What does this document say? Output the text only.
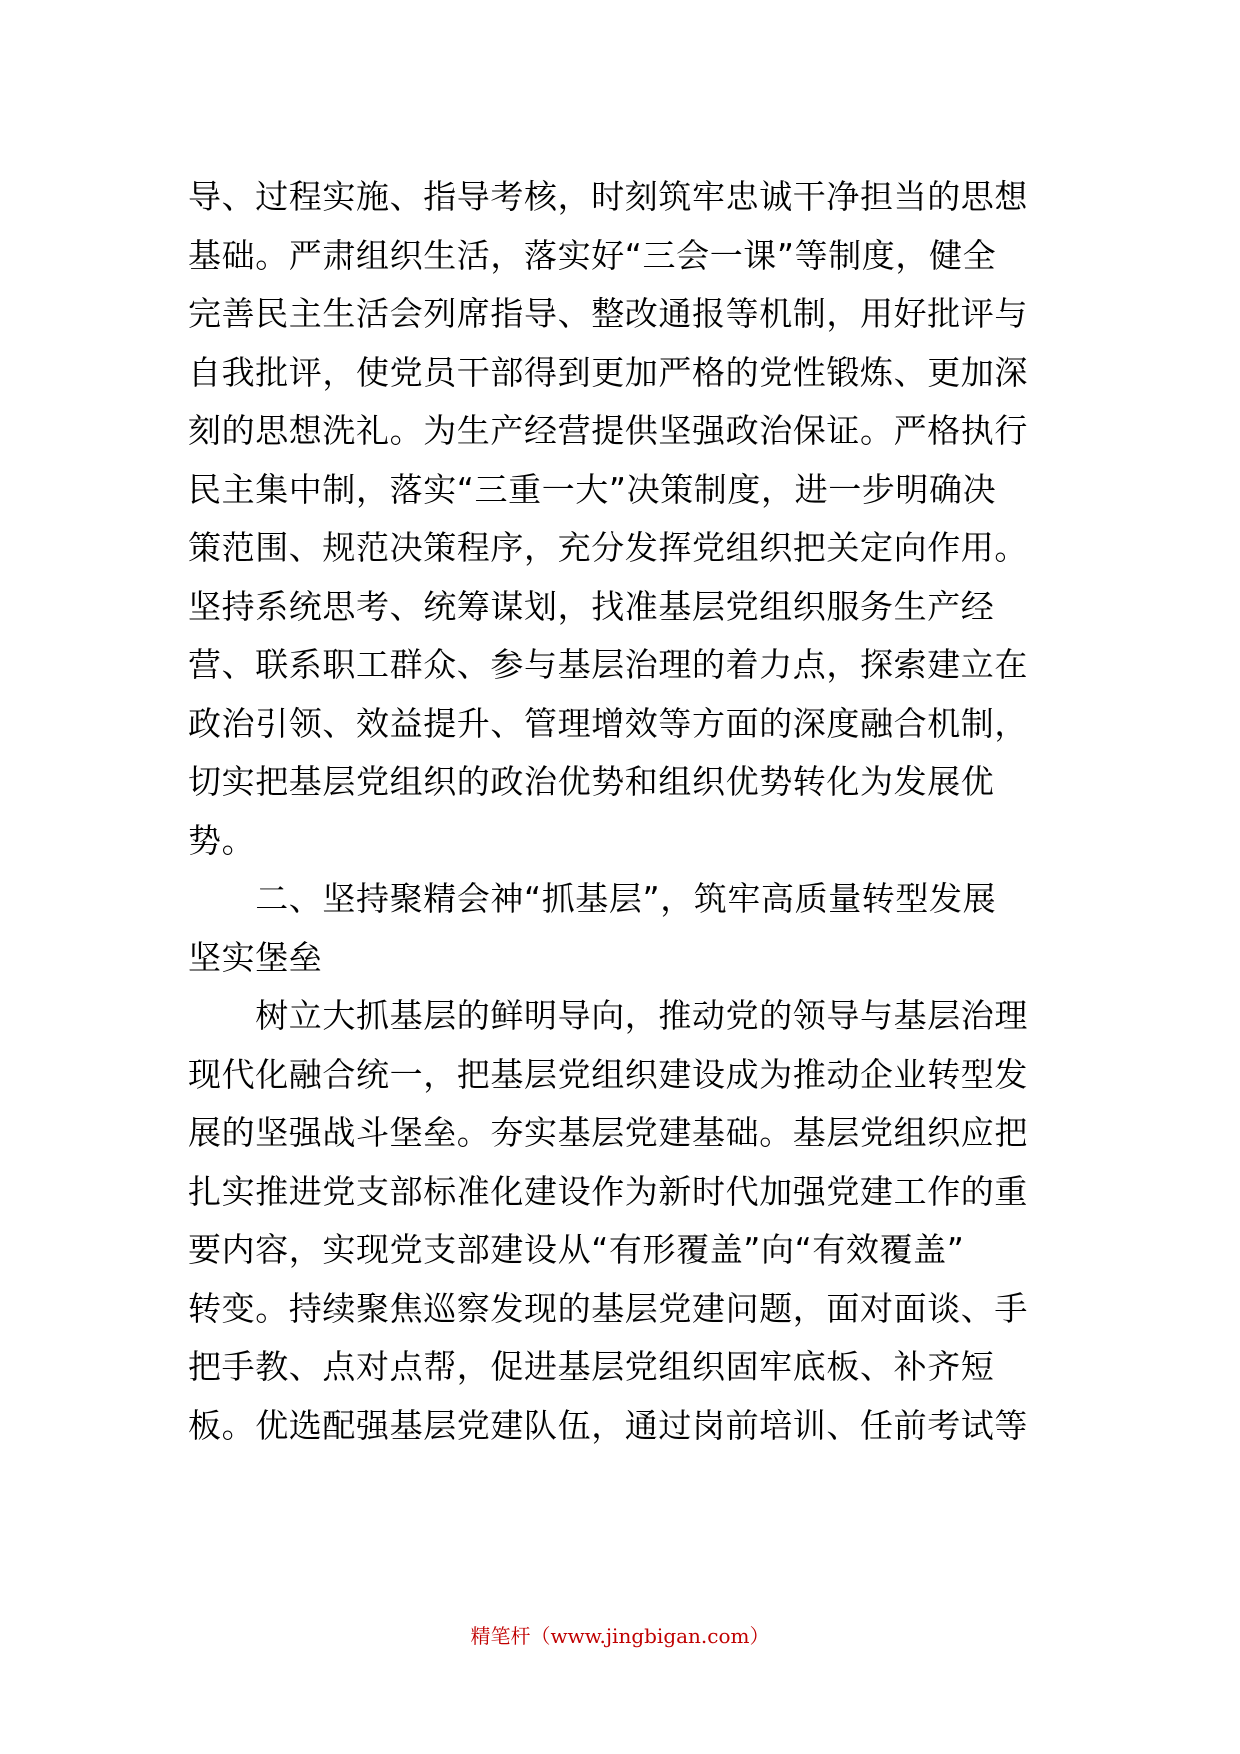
导、过程实施、指导考核，时刻筑牢忠诚干净担当的思想
基础。严肃组织生活，落实好“三会一课”等制度，健全
完善民主生活会列席指导、整改通报等机制，用好批评与
自我批评，使党员干部得到更加严格的党性锻炼、更加深
刻的思想洗礼。为生产经营提供坚强政治保证。严格执行
民主集中制，落实“三重一大”决策制度，进一步明确决
策范围、规范决策程序，充分发挥党组织把关定向作用。
坚持系统思考、统筹谋划，找准基层党组织服务生产经
营、联系职工群众、参与基层治理的着力点，探索建立在
政治引领、效益提升、管理增效等方面的深度融合机制，
切实把基层党组织的政治优势和组织优势转化为发展优
势。
　　二、坚持聚精会神“抓基层”，筑牢高质量转型发展
坚实堡垒
　　树立大抓基层的鲜明导向，推动党的领导与基层治理
现代化融合统一，把基层党组织建设成为推动企业转型发
展的坚强战斗堡垒。夯实基层党建基础。基层党组织应把
扎实推进党支部标准化建设作为新时代加强党建工作的重
要内容，实现党支部建设从“有形覆盖”向“有效覆盖”
转变。持续聚焦巡察发现的基层党建问题，面对面谈、手
把手教、点对点帮，促进基层党组织固牢底板、补齐短
板。优选配强基层党建队伍，通过岗前培训、任前考试等
精笔杆（www.jingbigan.com）
